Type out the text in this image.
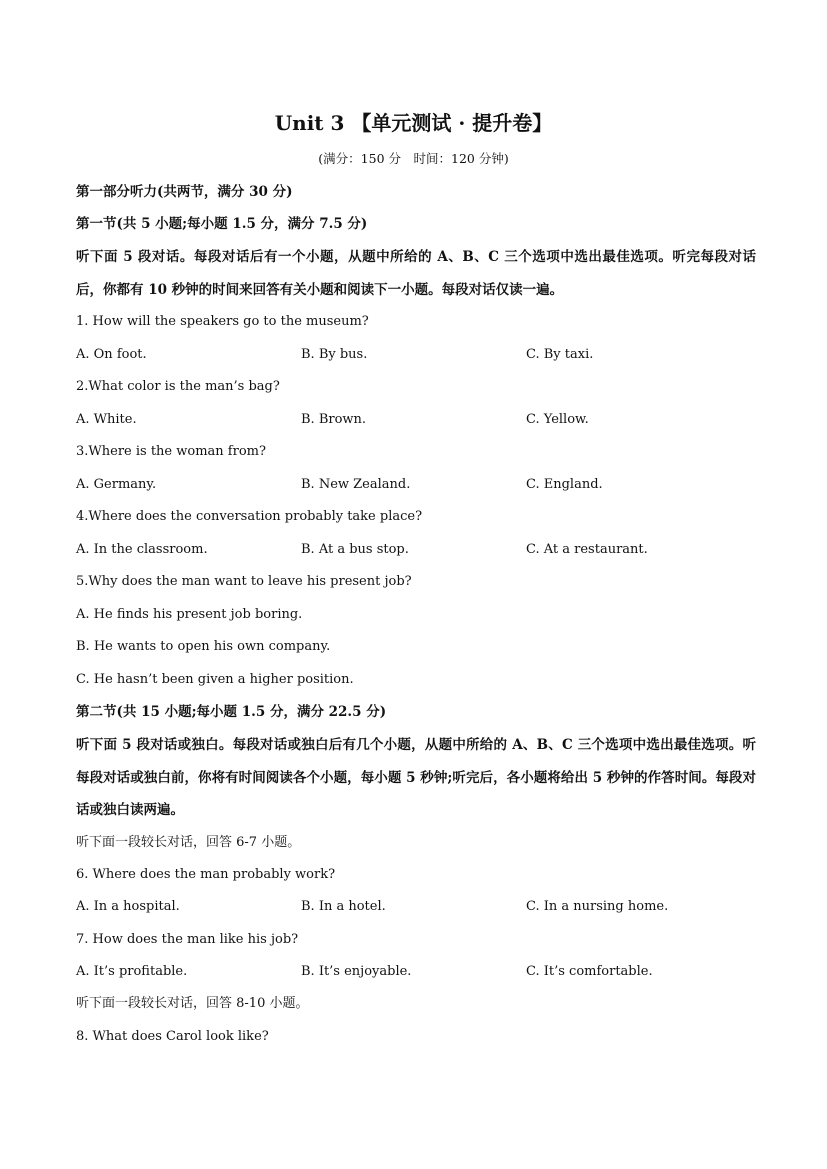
Unit 3 【单元测试 · 提升卷】
(满分：150 分　时间：120 分钟)
第一部分听力(共两节，满分 30 分)
第一节(共 5 小题;每小题 1.5 分，满分 7.5 分)
听下面 5 段对话。每段对话后有一个小题，从题中所给的 A、B、C 三个选项中选出最佳选项。听完每段对话后，你都有 10 秒钟的时间来回答有关小题和阅读下一小题。每段对话仅读一遍。
1. How will the speakers go to the museum?
A. On foot.	B. By bus.	C. By taxi.
2.What color is the man’s bag?
A. White.	B. Brown.	C. Yellow.
3.Where is the woman from?
A. Germany.	B. New Zealand.	C. England.
4.Where does the conversation probably take place?
A. In the classroom.	B. At a bus stop.	C. At a restaurant.
5.Why does the man want to leave his present job?
A. He finds his present job boring.
B. He wants to open his own company.
C. He hasn’t been given a higher position.
第二节(共 15 小题;每小题 1.5 分，满分 22.5 分)
听下面 5 段对话或独白。每段对话或独白后有几个小题，从题中所给的 A、B、C 三个选项中选出最佳选项。听每段对话或独白前，你将有时间阅读各个小题，每小题 5 秒钟;听完后，各小题将给出 5 秒钟的作答时间。每段对话或独白读两遍。
听下面一段较长对话，回答 6-7 小题。
6. Where does the man probably work?
A. In a hospital.	B. In a hotel.	C. In a nursing home.
7. How does the man like his job?
A. It’s profitable.	B. It’s enjoyable.	C. It’s comfortable.
听下面一段较长对话，回答 8-10 小题。
8. What does Carol look like?
